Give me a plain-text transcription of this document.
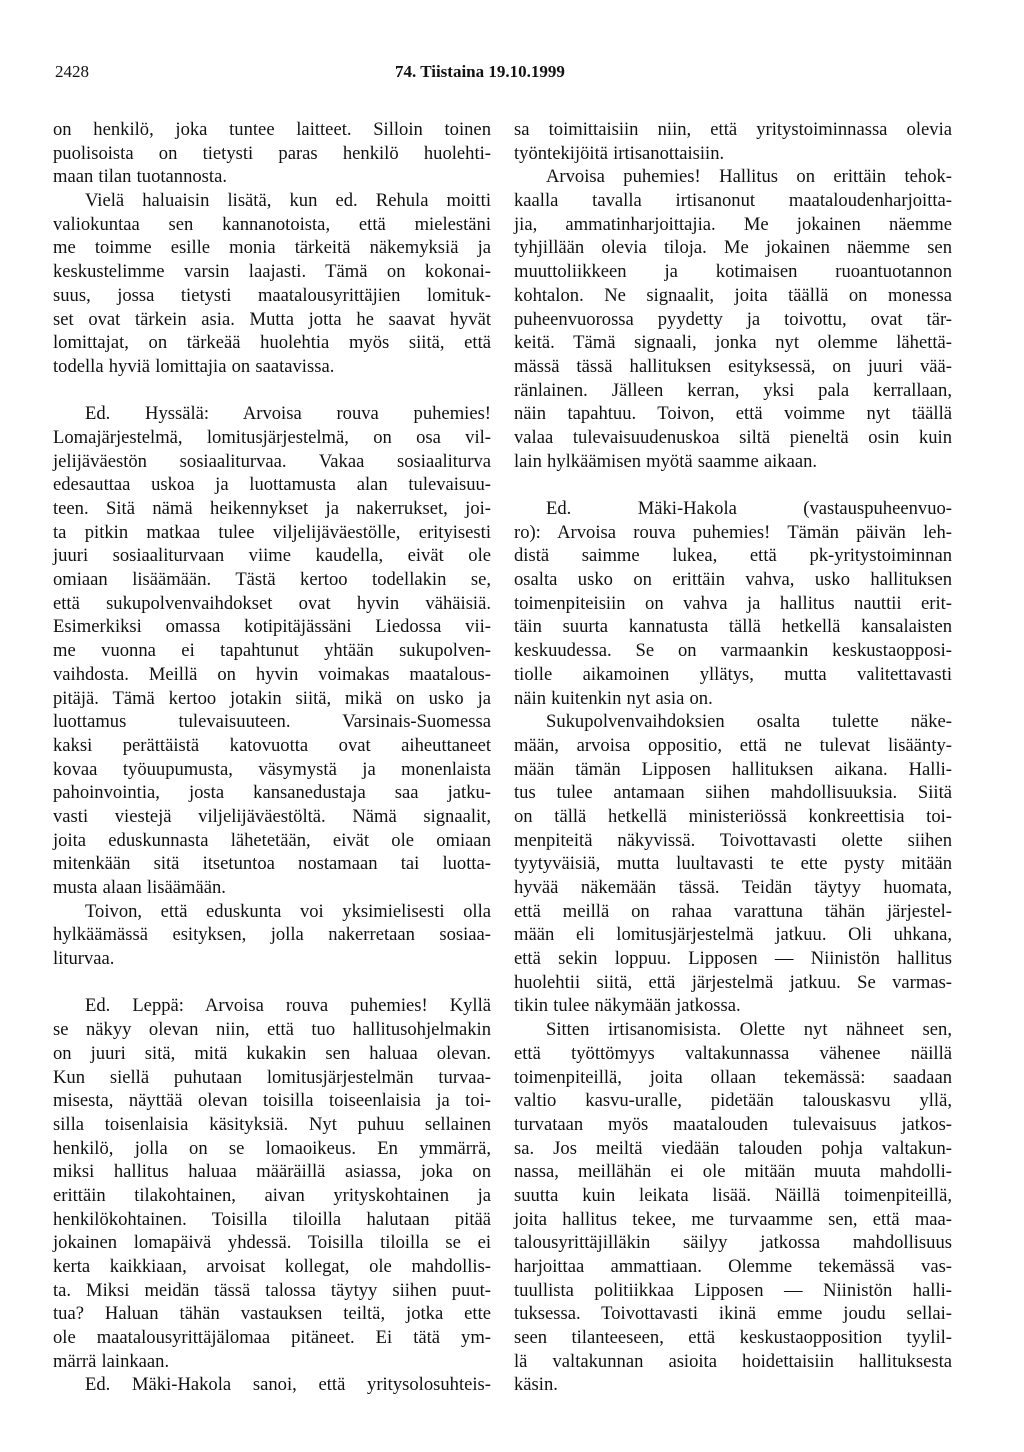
2428	74. Tiistaina 19.10.1999
on henkilö, joka tuntee laitteet. Silloin toinen
puolisoista on tietysti paras henkilö huolehti-
maan tilan tuotannosta.
Vielä haluaisin lisätä, kun ed. Rehula moitti
valiokuntaa sen kannanotoista, että mielestäni
me toimme esille monia tärkeitä näkemyksiä ja
keskustelimme varsin laajasti. Tämä on kokonai-
suus, jossa tietysti maatalousyrittäjien lomituk-
set ovat tärkein asia. Mutta jotta he saavat hyvät
lomittajat, on tärkeää huolehtia myös siitä, että
todella hyviä lomittajia on saatavissa.
Ed. Hyssälä: Arvoisa rouva puhemies!
Lomajärjestelmä, lomitusjärjestelmä, on osa vil-
jelijäväestön sosiaaliturvaa. Vakaa sosiaaliturva
edesauttaa uskoa ja luottamusta alan tulevaisuu-
teen. Sitä nämä heikennykset ja nakerrukset, joi-
ta pitkin matkaa tulee viljelijäväestölle, erityisesti
juuri sosiaaliturvaan viime kaudella, eivät ole
omiaan lisäämään. Tästä kertoo todellakin se,
että sukupolvenvaihdokset ovat hyvin vähäisiä.
Esimerkiksi omassa kotipitäjässäni Liedossa vii-
me vuonna ei tapahtunut yhtään sukupolven-
vaihdosta. Meillä on hyvin voimakas maatalous-
pitäjä. Tämä kertoo jotakin siitä, mikä on usko ja
luottamus tulevaisuuteen. Varsinais-Suomessa
kaksi perättäistä katovuotta ovat aiheuttaneet
kovaa työuupumusta, väsymystä ja monenlaista
pahoinvointia, josta kansanedustaja saa jatku-
vasti viestejä viljelijäväestöltä. Nämä signaalit,
joita eduskunnasta lähetetään, eivät ole omiaan
mitenkään sitä itsetuntoa nostamaan tai luotta-
musta alaan lisäämään.
Toivon, että eduskunta voi yksimielisesti olla
hylkäämässä esityksen, jolla nakerretaan sosiaa-
liturvaa.
Ed. Leppä: Arvoisa rouva puhemies! Kyllä
se näkyy olevan niin, että tuo hallitusohjelmakin
on juuri sitä, mitä kukakin sen haluaa olevan.
Kun siellä puhutaan lomitusjärjestelmän turvaa-
misesta, näyttää olevan toisilla toiseenlaisia ja toi-
silla toisenlaisia käsityksiä. Nyt puhuu sellainen
henkilö, jolla on se lomaoikeus. En ymmärrä,
miksi hallitus haluaa määräillä asiassa, joka on
erittäin tilakohtainen, aivan yrityskohtainen ja
henkilökohtainen. Toisilla tiloilla halutaan pitää
jokainen lomapäivä yhdessä. Toisilla tiloilla se ei
kerta kaikkiaan, arvoisat kollegat, ole mahdollis-
ta. Miksi meidän tässä talossa täytyy siihen puut-
tua? Haluan tähän vastauksen teiltä, jotka ette
ole maatalousyrittäjälomaa pitäneet. Ei tätä ym-
märrä lainkaan.
Ed. Mäki-Hakola sanoi, että yritysolosuhteis-
sa toimittaisiin niin, että yritystoiminnassa olevia
työntekijöitä irtisanottaisiin.
Arvoisa puhemies! Hallitus on erittäin tehok-
kaalla tavalla irtisanonut maataloudenharjoitta-
jia, ammatinharjoittajia. Me jokainen näemme
tyhjillään olevia tiloja. Me jokainen näemme sen
muuttoliikkeen ja kotimaisen ruoantuotannon
kohtalon. Ne signaalit, joita täällä on monessa
puheenvuorossa pyydetty ja toivottu, ovat tär-
keitä. Tämä signaali, jonka nyt olemme lähettä-
mässä tässä hallituksen esityksessä, on juuri vää-
ränlainen. Jälleen kerran, yksi pala kerrallaan,
näin tapahtuu. Toivon, että voimme nyt täällä
valaa tulevaisuudenuskoa siltä pieneltä osin kuin
lain hylkäämisen myötä saamme aikaan.
Ed. Mäki-Hakola (vastauspuheenvuo-
ro): Arvoisa rouva puhemies! Tämän päivän leh-
distä saimme lukea, että pk-yritystoiminnan
osalta usko on erittäin vahva, usko hallituksen
toimenpiteisiin on vahva ja hallitus nauttii erit-
täin suurta kannatusta tällä hetkellä kansalaisten
keskuudessa. Se on varmaankin keskustaopposi-
tiolle aikamoinen yllätys, mutta valitettavasti
näin kuitenkin nyt asia on.
Sukupolvenvaihdoksien osalta tulette näke-
mään, arvoisa oppositio, että ne tulevat lisäänty-
mään tämän Lipposen hallituksen aikana. Halli-
tus tulee antamaan siihen mahdollisuuksia. Siitä
on tällä hetkellä ministeriössä konkreettisia toi-
menpiteitä näkyvissä. Toivottavasti olette siihen
tyytyväisiä, mutta luultavasti te ette pysty mitään
hyvää näkemään tässä. Teidän täytyy huomata,
että meillä on rahaa varattuna tähän järjestel-
mään eli lomitusjärjestelmä jatkuu. Oli uhkana,
että sekin loppuu. Lipposen — Niinistön hallitus
huolehtii siitä, että järjestelmä jatkuu. Se varmas-
tikin tulee näkymään jatkossa.
Sitten irtisanomisista. Olette nyt nähneet sen,
että työttömyys valtakunnassa vähenee näillä
toimenpiteillä, joita ollaan tekemässä: saadaan
valtio kasvu-uralle, pidetään talouskasvu yllä,
turvataan myös maatalouden tulevaisuus jatkos-
sa. Jos meiltä viedään talouden pohja valtakun-
nassa, meillähän ei ole mitään muuta mahdolli-
suutta kuin leikata lisää. Näillä toimenpiteillä,
joita hallitus tekee, me turvaamme sen, että maa-
talousyrittäjilläkin säilyy jatkossa mahdollisuus
harjoittaa ammattiaan. Olemme tekemässä vas-
tuullista politiikkaa Lipposen — Niinistön halli-
tuksessa. Toivottavasti ikinä emme joudu sellai-
seen tilanteeseen, että keskustaopposition tyylil-
lä valtakunnan asioita hoidettaisiin hallituksesta
käsin.
